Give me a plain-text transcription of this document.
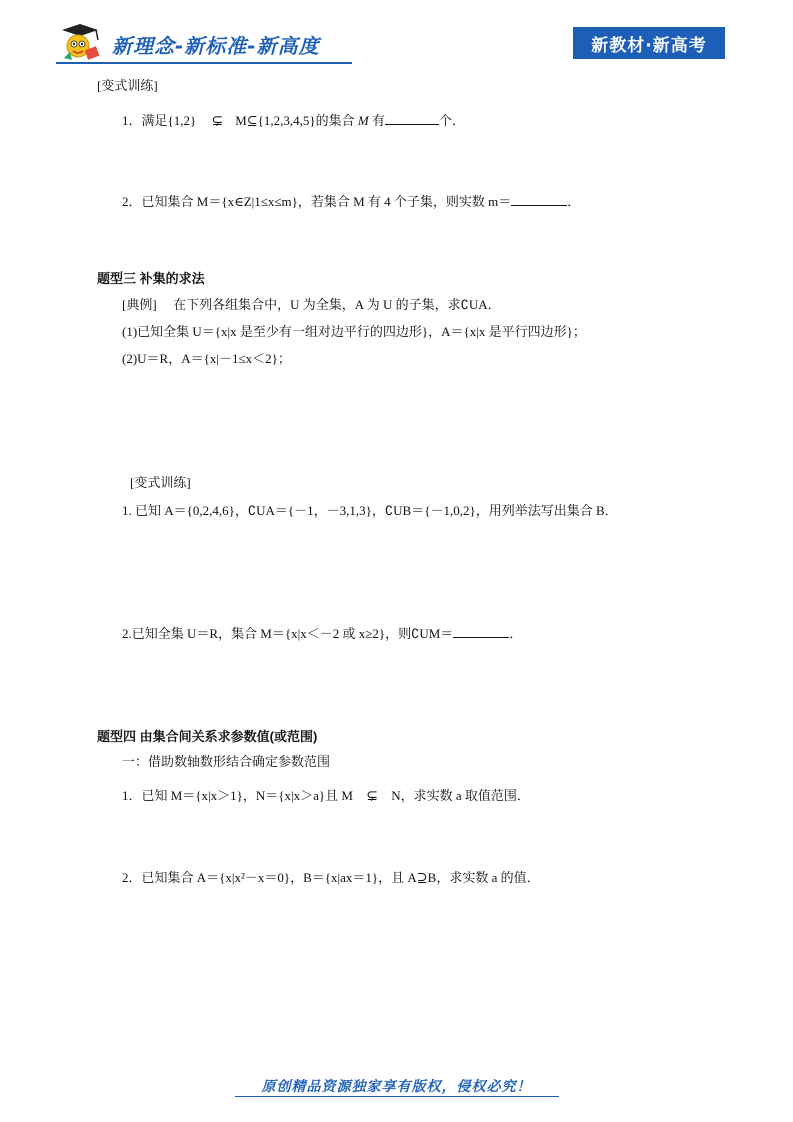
新理念-新标准-新高度	新教材·新高考
[变式训练]
1．满足{1,2} ⊊ M⊆{1,2,3,4,5}的集合 M 有	个．
2．已知集合 M＝{x∈Z|1≤x≤m}，若集合 M 有 4 个子集，则实数 m＝	．
题型三 补集的求法
[典例] 在下列各组集合中，U 为全集，A 为 U 的子集，求∁UA．
(1)已知全集 U＝{x|x 是至少有一组对边平行的四边形}，A＝{x|x 是平行四边形}；
(2)U＝R，A＝{x|－1≤x＜2}；
[变式训练]
1. 已知 A＝{0,2,4,6}，∁UA＝{－1，－3,1,3}，∁UB＝{－1,0,2}，用列举法写出集合 B．
2.已知全集 U＝R，集合 M＝{x|x＜－2 或 x≥2}，则∁UM＝	．
题型四 由集合间关系求参数值(或范围)
一：借助数轴数形结合确定参数范围
1．已知 M＝{x|x＞1}，N＝{x|x＞a}且 M ⊊ N，求实数 a 取值范围．
2．已知集合 A＝{x|x²－x＝0}，B＝{x|ax＝1}，且 A⊇B，求实数 a 的值．
原创精品资源独家享有版权，侵权必究！
